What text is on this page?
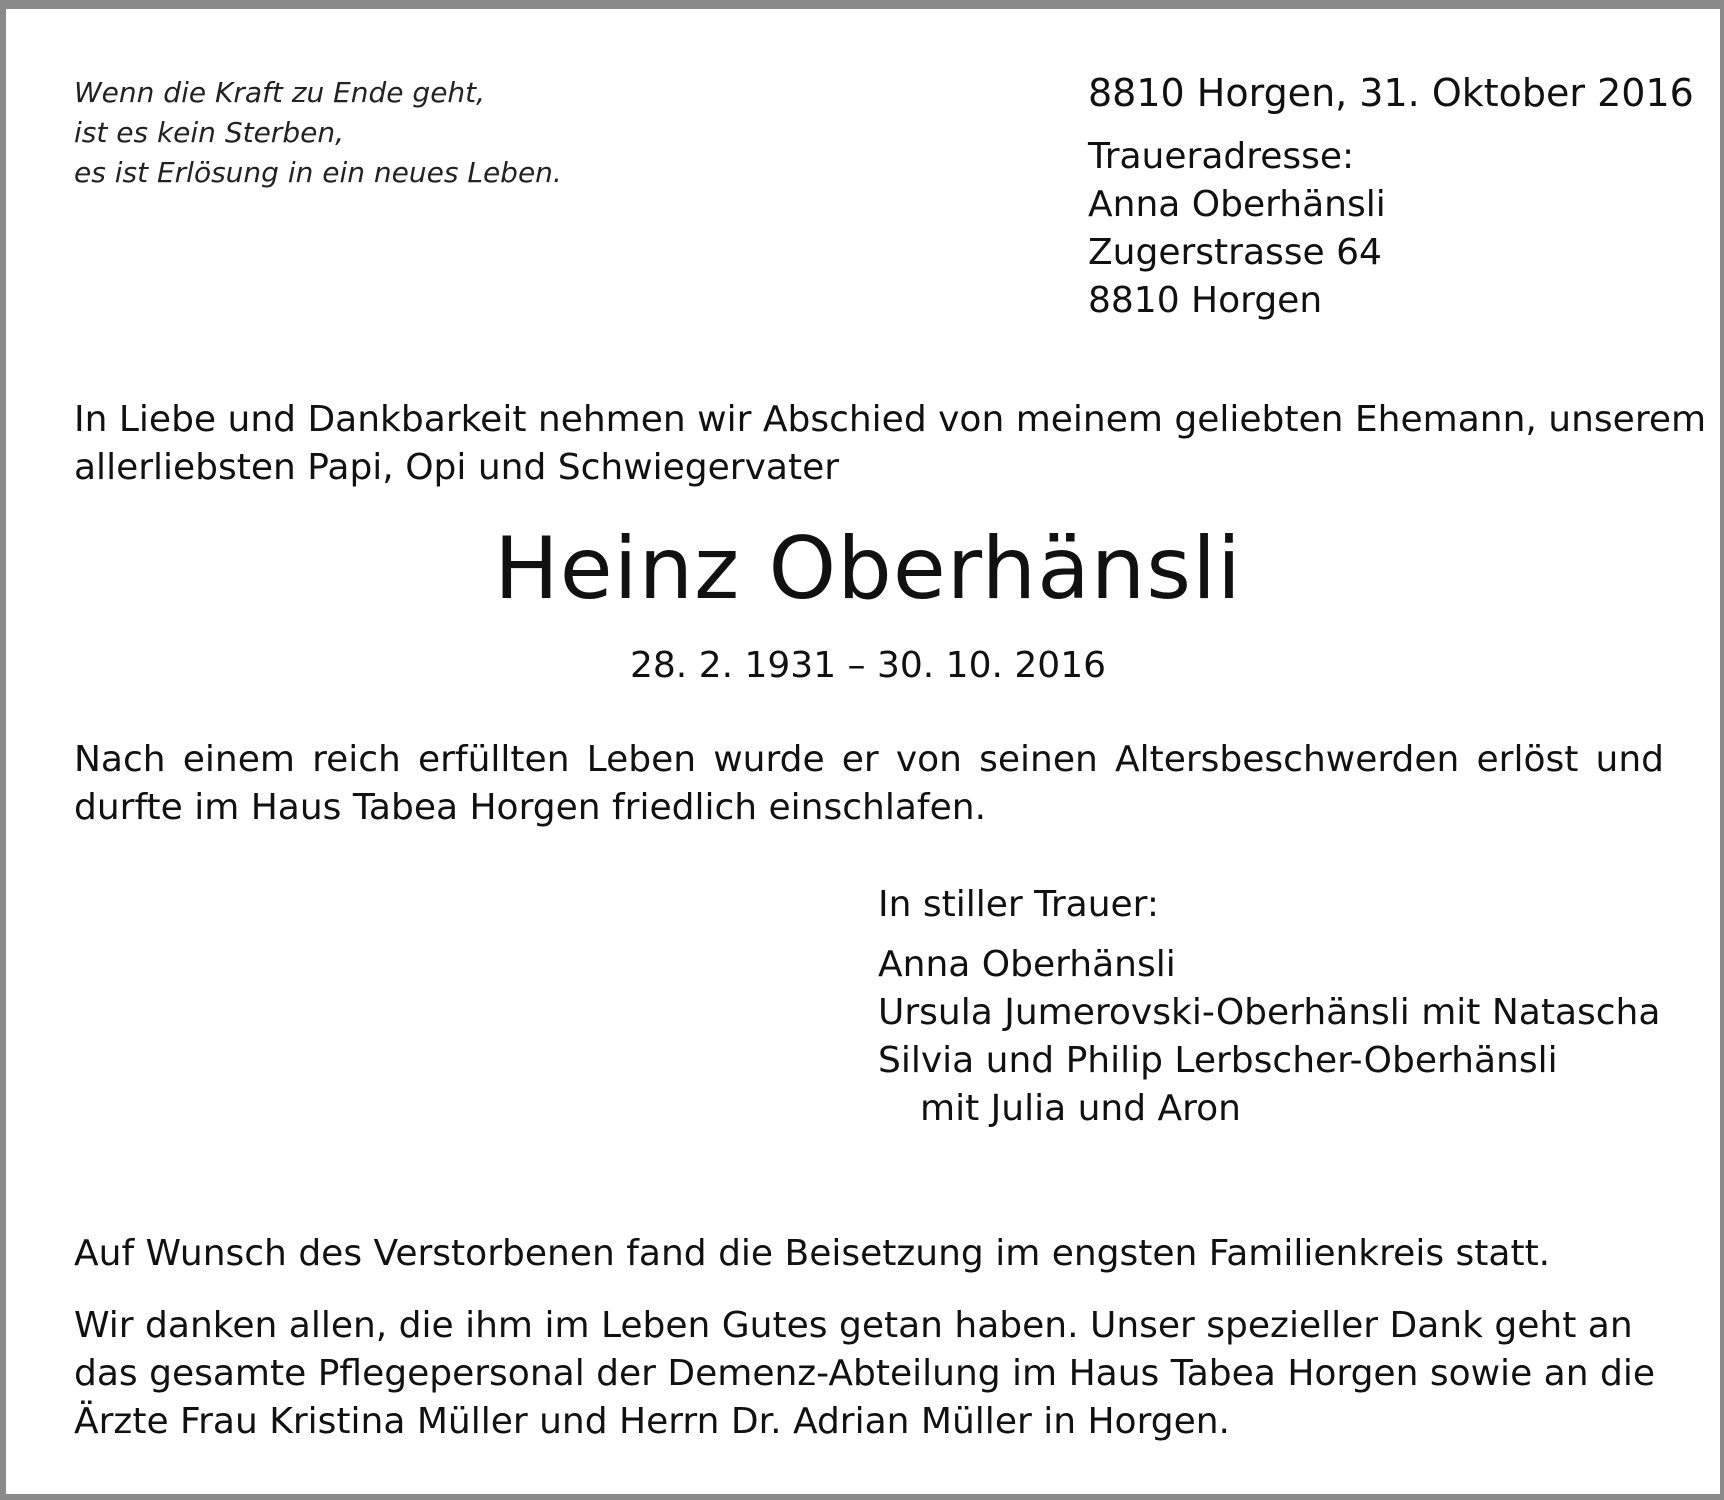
Wenn die Kraft zu Ende geht,
ist es kein Sterben,
es ist Erlösung in ein neues Leben.
8810 Horgen, 31. Oktober 2016
Traueradresse:
Anna Oberhänsli
Zugerstrasse 64
8810 Horgen
In Liebe und Dankbarkeit nehmen wir Abschied von meinem geliebten Ehemann, unserem
allerliebsten Papi, Opi und Schwiegervater
Heinz Oberhänsli
28. 2. 1931 – 30. 10. 2016
Nach einem reich erfüllten Leben wurde er von seinen Altersbeschwerden erlöst und durfte im Haus Tabea Horgen friedlich einschlafen.
In stiller Trauer:
Anna Oberhänsli
Ursula Jumerovski-Oberhänsli mit Natascha
Silvia und Philip Lerbscher-Oberhänsli
mit Julia und Aron
Auf Wunsch des Verstorbenen fand die Beisetzung im engsten Familienkreis statt.
Wir danken allen, die ihm im Leben Gutes getan haben. Unser spezieller Dank geht an
das gesamte Pflegepersonal der Demenz-Abteilung im Haus Tabea Horgen sowie an die
Ärzte Frau Kristina Müller und Herrn Dr. Adrian Müller in Horgen.
